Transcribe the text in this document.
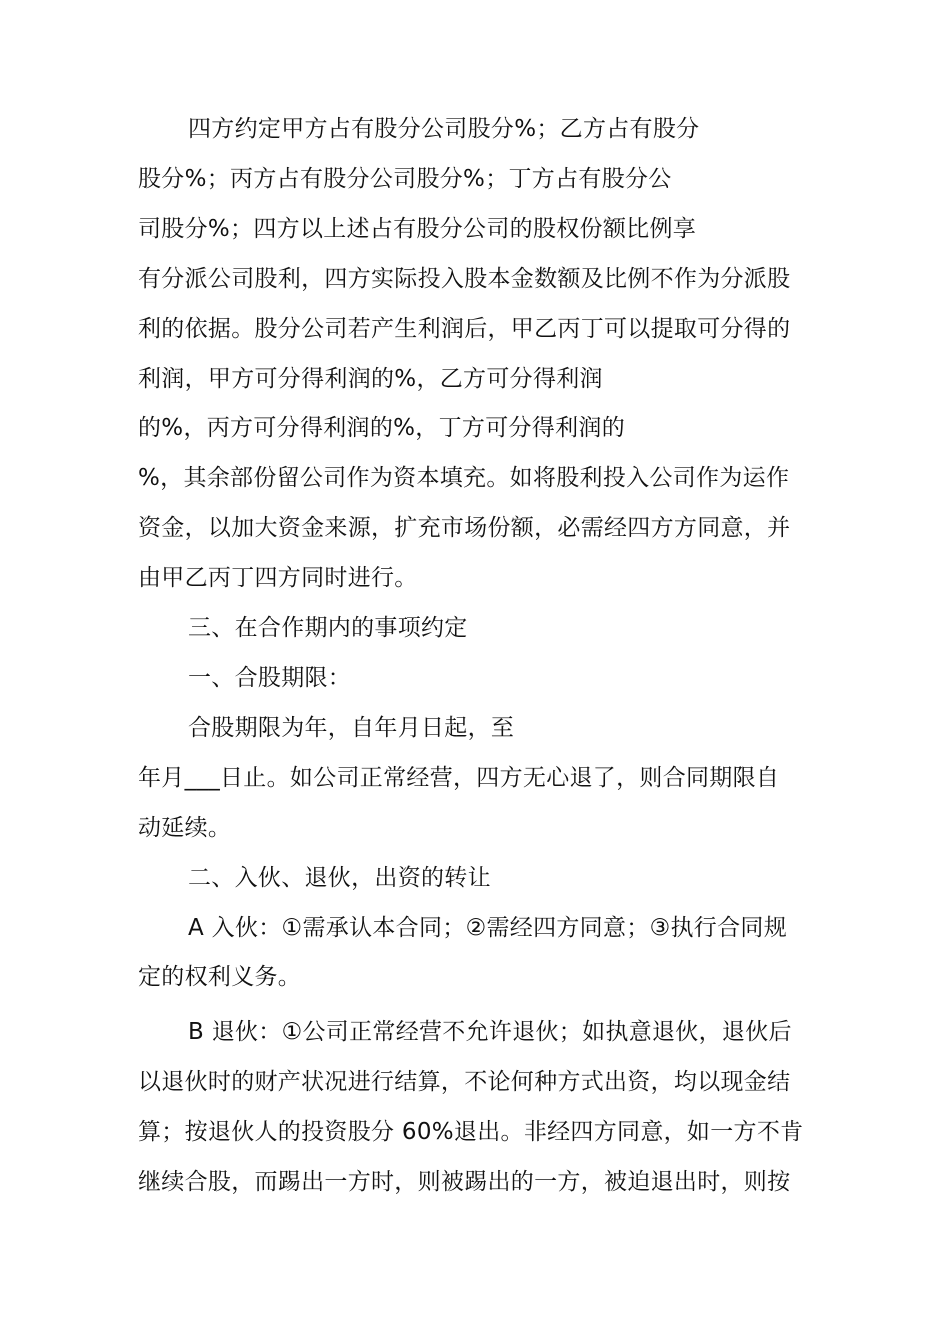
四方约定甲方占有股分公司股分%；乙方占有股分
股分%；丙方占有股分公司股分%；丁方占有股分公
司股分%；四方以上述占有股分公司的股权份额比例享
有分派公司股利，四方实际投入股本金数额及比例不作为分派股
利的依据。股分公司若产生利润后，甲乙丙丁可以提取可分得的
利润，甲方可分得利润的%，乙方可分得利润
的%，丙方可分得利润的%，丁方可分得利润的
%，其余部份留公司作为资本填充。如将股利投入公司作为运作
资金，以加大资金来源，扩充市场份额，必需经四方方同意，并
由甲乙丙丁四方同时进行。
三、在合作期内的事项约定
一、合股期限：
合股期限为年，自年月日起，至
年月___日止。如公司正常经营，四方无心退了，则合同期限自
动延续。
二、入伙、退伙，出资的转让
A 入伙：①需承认本合同；②需经四方同意；③执行合同规
定的权利义务。
B 退伙：①公司正常经营不允许退伙；如执意退伙，退伙后
以退伙时的财产状况进行结算，不论何种方式出资，均以现金结
算；按退伙人的投资股分 60%退出。非经四方同意，如一方不肯
继续合股，而踢出一方时，则被踢出的一方，被迫退出时，则按
